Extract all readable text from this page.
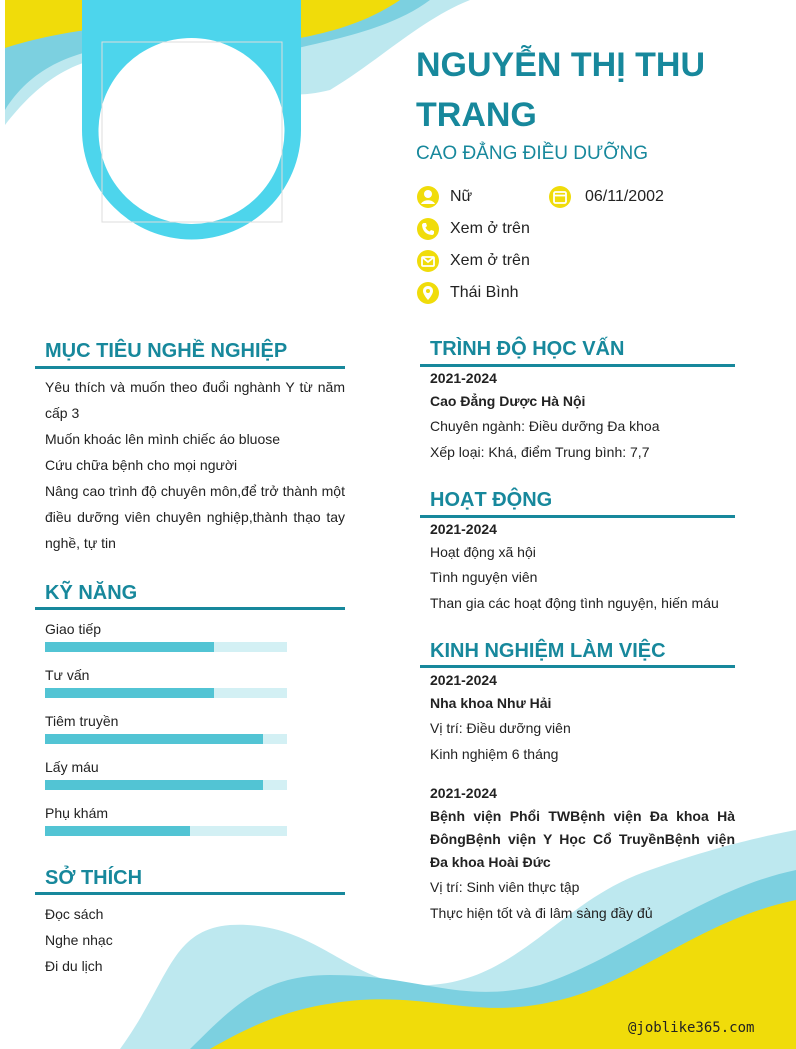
NGUYỄN THỊ THU TRANG
CAO ĐẲNG ĐIỀU DƯỠNG
Nữ	06/11/2002
Xem ở trên
Xem ở trên
Thái Bình
MỤC TIÊU NGHỀ NGHIỆP
Yêu thích và muốn theo đuổi nghành Y từ năm cấp 3
Muốn khoác lên mình chiếc áo bluose
Cứu chữa bệnh cho mọi người
Nâng cao trình độ chuyên môn,để trở thành một điều dưỡng viên chuyên nghiệp,thành thạo tay nghề, tự tin
KỸ NĂNG
Giao tiếp
Tư vấn
Tiêm truyền
Lấy máu
Phụ khám
SỞ THÍCH
Đọc sách
Nghe nhạc
Đi du lịch
TRÌNH ĐỘ HỌC VẤN
2021-2024
Cao Đẳng Dược Hà Nội
Chuyên ngành: Điều dưỡng Đa khoa
Xếp loại: Khá, điểm Trung bình: 7,7
HOẠT ĐỘNG
2021-2024
Hoạt động xã hội
Tình nguyện viên
Than gia các hoạt động tình nguyện, hiến máu
KINH NGHIỆM LÀM VIỆC
2021-2024
Nha khoa Như Hải
Vị trí: Điều dưỡng viên
Kinh nghiệm 6 tháng
2021-2024
Bệnh viện Phổi TWBệnh viện Đa khoa Hà ĐôngBệnh viện Y Học Cổ TruyềnBệnh viện Đa khoa Hoài Đức
Vị trí: Sinh viên thực tập
Thực hiện tốt và đi lâm sàng đầy đủ
@joblike365.com
